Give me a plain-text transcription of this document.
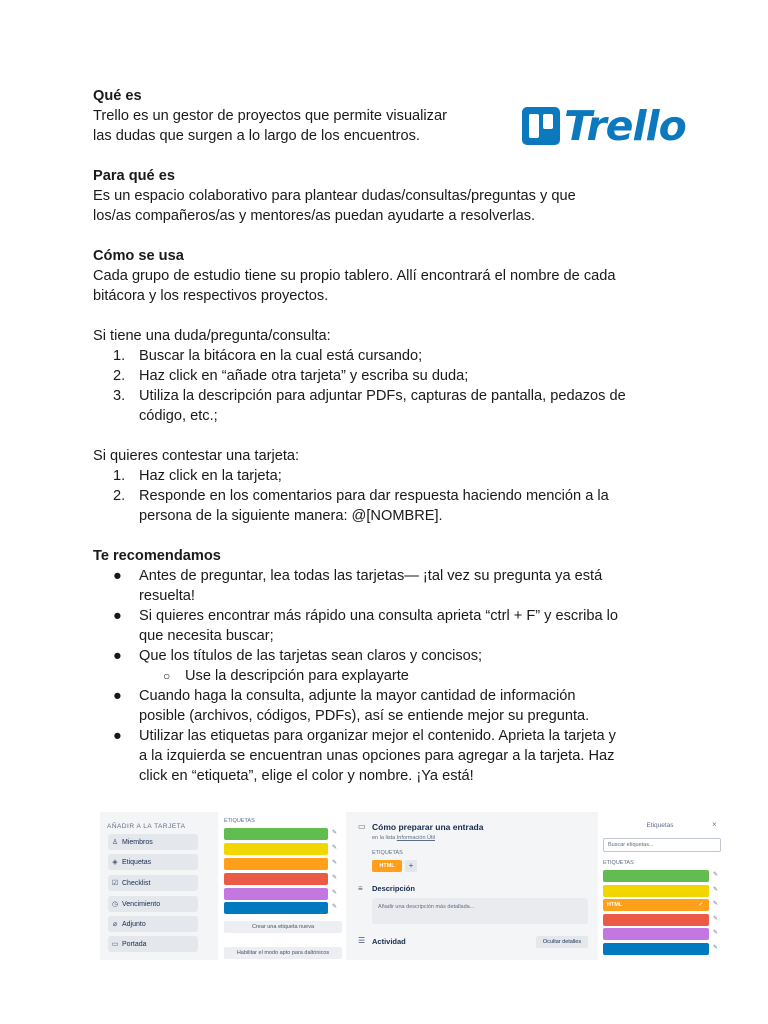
Qué es

Trello es un gestor de proyectos que permite visualizar

las dudas que surgen a lo largo de los encuentros.

Para qué es

Es un espacio colaborativo para plantear dudas/consultas/preguntas y que

los/as compañeros/as y mentores/as puedan ayudarte a resolverlas.

Cómo se usa

Cada grupo de estudio tiene su propio tablero. Allí encontrará el nombre de cada

bitácora y los respectivos proyectos.

Si tiene una duda/pregunta/consulta:

1. Buscar la bitácora en la cual está cursando;

2. Haz click en “añade otra tarjeta” y escriba su duda;

3. Utiliza la descripción para adjuntar PDFs, capturas de pantalla, pedazos de

código, etc.;

Si quieres contestar una tarjeta:

1. Haz click en la tarjeta;

2. Responde en los comentarios para dar respuesta haciendo mención a la

persona de la siguiente manera: @[NOMBRE].

Te recomendamos

● Antes de preguntar, lea todas las tarjetas— ¡tal vez su pregunta ya está

resuelta!

● Si quieres encontrar más rápido una consulta aprieta “ctrl + F” y escriba lo

que necesita buscar;

● Que los títulos de las tarjetas sean claros y concisos;

○ Use la descripción para explayarte

● Cuando haga la consulta, adjunte la mayor cantidad de información

posible (archivos, códigos, PDFs), así se entiende mejor su pregunta.

● Utilizar las etiquetas para organizar mejor el contenido. Aprieta la tarjeta y

a la izquierda se encuentran unas opciones para agregar a la tarjeta. Haz

click en “etiqueta”, elige el color y nombre. ¡Ya está!

Trello
AÑADIR A LA TARJETA
♙ Miembros
◈ Etiquetas
☑ Checklist
◷ Vencimiento
⌀ Adjunto
▭ Portada
ETIQUETAS
✎
✎
✎
✎
✎
✎
Crear una etiqueta nueva
Habilitar el modo apto para daltónicos
▭ Cómo preparar una entrada
en la lista Información Útil
ETIQUETAS
HTML	+
≡ Descripción
Añadir una descripción más detallada...
☰ Actividad	Ocultar detalles
Etiquetas	×
Buscar etiquetas...
ETIQUETAS
HTML	✓
✎
✎
✎
✎
✎
✎
